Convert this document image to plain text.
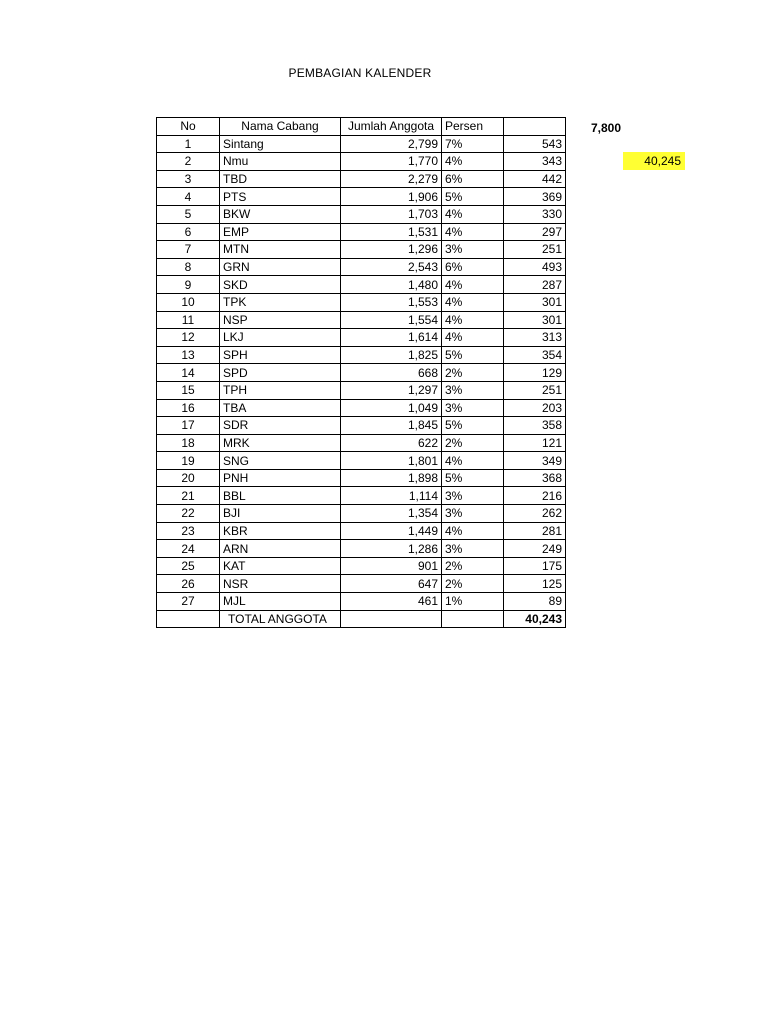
PEMBAGIAN KALENDER
7,800
40,245
No	Nama Cabang	Jumlah Anggota	Persen	
1	Sintang	2,799	7%	543
2	Nmu	1,770	4%	343
3	TBD	2,279	6%	442
4	PTS	1,906	5%	369
5	BKW	1,703	4%	330
6	EMP	1,531	4%	297
7	MTN	1,296	3%	251
8	GRN	2,543	6%	493
9	SKD	1,480	4%	287
10	TPK	1,553	4%	301
11	NSP	1,554	4%	301
12	LKJ	1,614	4%	313
13	SPH	1,825	5%	354
14	SPD	668	2%	129
15	TPH	1,297	3%	251
16	TBA	1,049	3%	203
17	SDR	1,845	5%	358
18	MRK	622	2%	121
19	SNG	1,801	4%	349
20	PNH	1,898	5%	368
21	BBL	1,114	3%	216
22	BJI	1,354	3%	262
23	KBR	1,449	4%	281
24	ARN	1,286	3%	249
25	KAT	901	2%	175
26	NSR	647	2%	125
27	MJL	461	1%	89
	TOTAL ANGGOTA			40,243
